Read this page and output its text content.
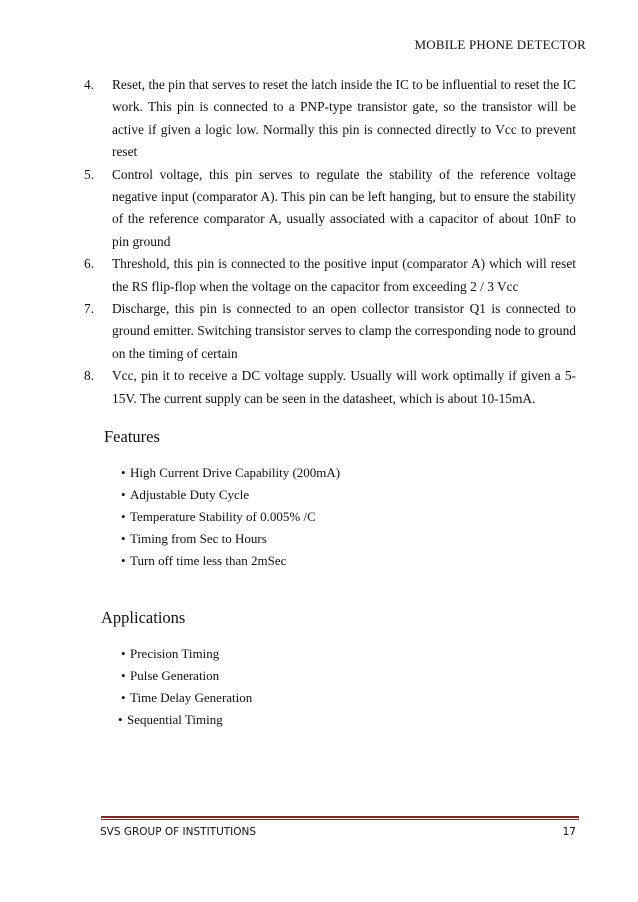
MOBILE PHONE DETECTOR
4. Reset, the pin that serves to reset the latch inside the IC to be influential to reset the IC work. This pin is connected to a PNP-type transistor gate, so the transistor will be active if given a logic low. Normally this pin is connected directly to Vcc to prevent reset
5. Control voltage, this pin serves to regulate the stability of the reference voltage negative input (comparator A). This pin can be left hanging, but to ensure the stability of the reference comparator A, usually associated with a capacitor of about 10nF to pin ground
6. Threshold, this pin is connected to the positive input (comparator A) which will reset the RS flip-flop when the voltage on the capacitor from exceeding 2 / 3 Vcc
7. Discharge, this pin is connected to an open collector transistor Q1 is connected to ground emitter. Switching transistor serves to clamp the corresponding node to ground on the timing of certain
8. Vcc, pin it to receive a DC voltage supply. Usually will work optimally if given a 5-15V. The current supply can be seen in the datasheet, which is about 10-15mA.
Features
• High Current Drive Capability (200mA)
• Adjustable Duty Cycle
• Temperature Stability of 0.005% /C
• Timing from Sec to Hours
• Turn off time less than 2mSec
Applications
• Precision Timing
• Pulse Generation
• Time Delay Generation
• Sequential Timing
SVS GROUP OF INSTITUTIONS	17
